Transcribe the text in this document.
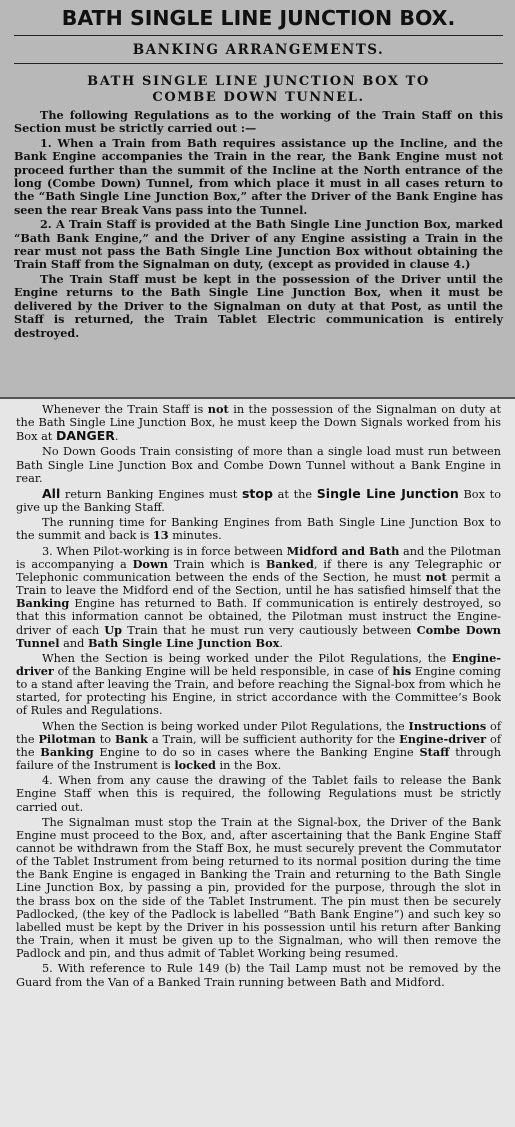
BATH SINGLE LINE JUNCTION BOX.
BANKING ARRANGEMENTS.
BATH SINGLE LINE JUNCTION BOX TO
COMBE DOWN TUNNEL.

The following Regulations as to the working of the Train Staff on this Section must be strictly carried out :—

1. When a Train from Bath requires assistance up the Incline, and the Bank Engine accompanies the Train in the rear, the Bank Engine must not proceed further than the summit of the Incline at the North entrance of the long (Combe Down) Tunnel, from which place it must in all cases return to the “Bath Single Line Junction Box,” after the Driver of the Bank Engine has seen the rear Break Vans pass into the Tunnel.

2. A Train Staff is provided at the Bath Single Line Junction Box, marked “Bath Bank Engine,” and the Driver of any Engine assisting a Train in the rear must not pass the Bath Single Line Junction Box without obtaining the Train Staff from the Signalman on duty, (except as provided in clause 4.)

The Train Staff must be kept in the possession of the Driver until the Engine returns to the Bath Single Line Junction Box, when it must be delivered by the Driver to the Signalman on duty at that Post, as until the Staff is returned, the Train Tablet Electric communication is entirely destroyed.

Whenever the Train Staff is not in the possession of the Signalman on duty at the Bath Single Line Junction Box, he must keep the Down Signals worked from his Box at DANGER.

No Down Goods Train consisting of more than a single load must run between Bath Single Line Junction Box and Combe Down Tunnel without a Bank Engine in rear.

All return Banking Engines must stop at the Single Line Junction Box to give up the Banking Staff.

The running time for Banking Engines from Bath Single Line Junction Box to the summit and back is 13 minutes.

3. When Pilot-working is in force between Midford and Bath and the Pilotman is accompanying a Down Train which is Banked, if there is any Telegraphic or Telephonic communication between the ends of the Section, he must not permit a Train to leave the Midford end of the Section, until he has satisfied himself that the Banking Engine has returned to Bath. If communication is entirely destroyed, so that this information cannot be obtained, the Pilotman must instruct the Engine-driver of each Up Train that he must run very cautiously between Combe Down Tunnel and Bath Single Line Junction Box.

When the Section is being worked under the Pilot Regulations, the Engine-driver of the Banking Engine will be held responsible, in case of his Engine coming to a stand after leaving the Train, and before reaching the Signal-box from which he started, for protecting his Engine, in strict accordance with the Committee’s Book of Rules and Regulations.

When the Section is being worked under Pilot Regulations, the Instructions of the Pilotman to Bank a Train, will be sufficient authority for the Engine-driver of the Banking Engine to do so in cases where the Banking Engine Staff through failure of the Instrument is locked in the Box.

4. When from any cause the drawing of the Tablet fails to release the Bank Engine Staff when this is required, the following Regulations must be strictly carried out.

The Signalman must stop the Train at the Signal-box, the Driver of the Bank Engine must proceed to the Box, and, after ascertaining that the Bank Engine Staff cannot be withdrawn from the Staff Box, he must securely prevent the Commutator of the Tablet Instrument from being returned to its normal position during the time the Bank Engine is engaged in Banking the Train and returning to the Bath Single Line Junction Box, by passing a pin, provided for the purpose, through the slot in the brass box on the side of the Tablet Instrument. The pin must then be securely Padlocked, (the key of the Padlock is labelled “Bath Bank Engine”) and such key so labelled must be kept by the Driver in his possession until his return after Banking the Train, when it must be given up to the Signalman, who will then remove the Padlock and pin, and thus admit of Tablet Working being resumed.

5. With reference to Rule 149 (b) the Tail Lamp must not be removed by the Guard from the Van of a Banked Train running between Bath and Midford.
